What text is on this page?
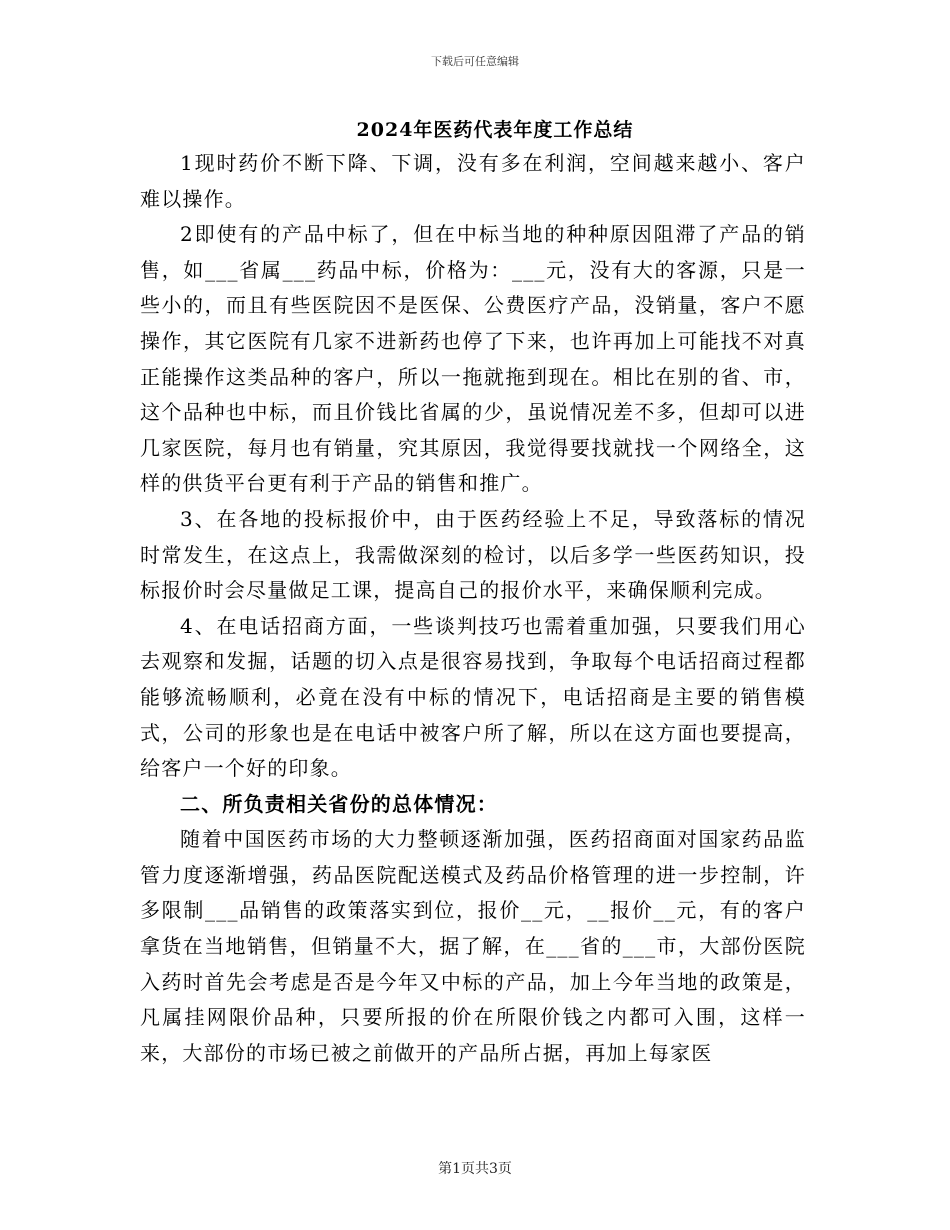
下载后可任意编辑
2024年医药代表年度工作总结

1现时药价不断下降、下调，没有多在利润，空间越来越小、客户难以操作。

2即使有的产品中标了，但在中标当地的种种原因阻滞了产品的销售，如___省属___药品中标，价格为：___元，没有大的客源，只是一些小的，而且有些医院因不是医保、公费医疗产品，没销量，客户不愿操作，其它医院有几家不进新药也停了下来，也许再加上可能找不对真正能操作这类品种的客户，所以一拖就拖到现在。相比在别的省、市，这个品种也中标，而且价钱比省属的少，虽说情况差不多，但却可以进几家医院，每月也有销量，究其原因，我觉得要找就找一个网络全，这样的供货平台更有利于产品的销售和推广。

3、在各地的投标报价中，由于医药经验上不足，导致落标的情况时常发生，在这点上，我需做深刻的检讨，以后多学一些医药知识，投标报价时会尽量做足工课，提高自己的报价水平，来确保顺利完成。

4、在电话招商方面，一些谈判技巧也需着重加强，只要我们用心去观察和发掘，话题的切入点是很容易找到，争取每个电话招商过程都能够流畅顺利，必竟在没有中标的情况下，电话招商是主要的销售模式，公司的形象也是在电话中被客户所了解，所以在这方面也要提高，给客户一个好的印象。

二、所负责相关省份的总体情况：

随着中国医药市场的大力整顿逐渐加强，医药招商面对国家药品监管力度逐渐增强，药品医院配送模式及药品价格管理的进一步控制，许多限制___品销售的政策落实到位，报价__元，__报价__元，有的客户拿货在当地销售，但销量不大，据了解，在___省的___市，大部份医院入药时首先会考虑是否是今年又中标的产品，加上今年当地的政策是，凡属挂网限价品种，只要所报的价在所限价钱之内都可入围，这样一来，大部份的市场已被之前做开的产品所占据，再加上每家医

第1页共3页
